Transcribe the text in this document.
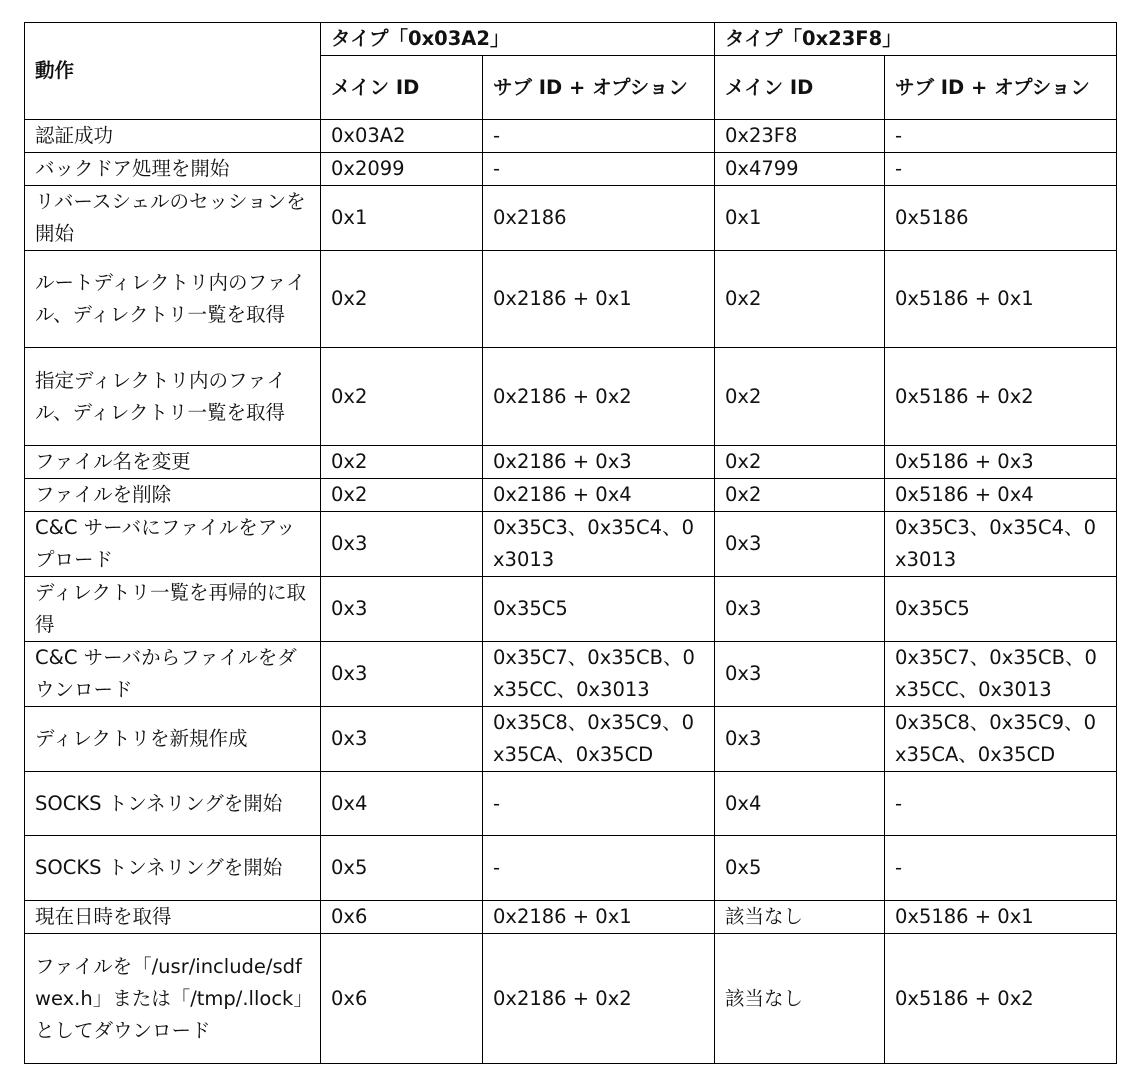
動作	タイプ「0x03A2」		タイプ「0x23F8」	
	メイン ID	サブ ID + オプション	メイン ID	サブ ID + オプション
認証成功	0x03A2	-	0x23F8	-
バックドア処理を開始	0x2099	-	0x4799	-
リバースシェルのセッションを開始	0x1	0x2186	0x1	0x5186
ルートディレクトリ内のファイル、ディレクトリ一覧を取得	0x2	0x2186 + 0x1	0x2	0x5186 + 0x1
指定ディレクトリ内のファイル、ディレクトリ一覧を取得	0x2	0x2186 + 0x2	0x2	0x5186 + 0x2
ファイル名を変更	0x2	0x2186 + 0x3	0x2	0x5186 + 0x3
ファイルを削除	0x2	0x2186 + 0x4	0x2	0x5186 + 0x4
C&C サーバにファイルをアップロード	0x3	0x35C3、0x35C4、0x3013	0x3	0x35C3、0x35C4、0x3013
ディレクトリ一覧を再帰的に取得	0x3	0x35C5	0x3	0x35C5
C&C サーバからファイルをダウンロード	0x3	0x35C7、0x35CB、0x35CC、0x3013	0x3	0x35C7、0x35CB、0x35CC、0x3013
ディレクトリを新規作成	0x3	0x35C8、0x35C9、0x35CA、0x35CD	0x3	0x35C8、0x35C9、0x35CA、0x35CD
SOCKS トンネリングを開始	0x4	-	0x4	-
SOCKS トンネリングを開始	0x5	-	0x5	-
現在日時を取得	0x6	0x2186 + 0x1	該当なし	0x5186 + 0x1
ファイルを「/usr/include/sdfwex.h」または「/tmp/.llock」としてダウンロード	0x6	0x2186 + 0x2	該当なし	0x5186 + 0x2
